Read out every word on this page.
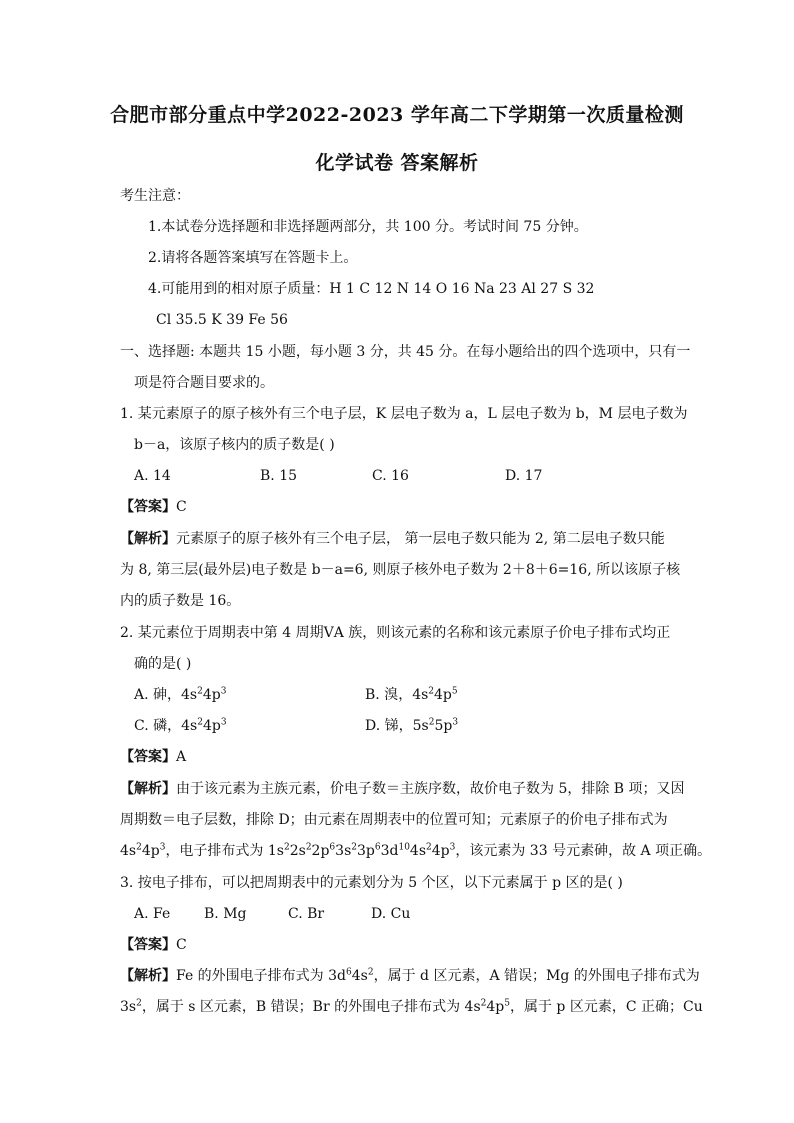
合肥市部分重点中学2022-2023 学年高二下学期第一次质量检测
化学试卷 答案解析
考生注意：
1.本试卷分选择题和非选择题两部分，共 100 分。考试时间 75 分钟。
2.请将各题答案填写在答题卡上。
4.可能用到的相对原子质量：H 1 C 12 N 14 O 16 Na 23 Al 27 S 32
Cl 35.5 K 39 Fe 56
一、选择题: 本题共 15 小题，每小题 3 分，共 45 分。在每小题给出的四个选项中，只有一
项是符合题目要求的。
1. 某元素原子的原子核外有三个电子层，K 层电子数为 a，L 层电子数为 b，M 层电子数为
b－a，该原子核内的质子数是( )
A. 14	B. 15	C. 16	D. 17
【答案】C
【解析】元素原子的原子核外有三个电子层， 第一层电子数只能为 2, 第二层电子数只能
为 8, 第三层(最外层)电子数是 b－a=6, 则原子核外电子数为 2＋8＋6=16, 所以该原子核
内的质子数是 16。
2. 某元素位于周期表中第 4 周期ⅤA 族，则该元素的名称和该元素原子价电子排布式均正
确的是( )
A. 砷，$4s^24p^3$	B. 溴，$4s^24p^5$
C. 磷，$4s^24p^3$	D. 锑，$5s^25p^3$
【答案】A
【解析】由于该元素为主族元素，价电子数＝主族序数，故价电子数为 5，排除 B 项；又因
周期数＝电子层数，排除 D；由元素在周期表中的位置可知；元素原子的价电子排布式为
$4s^24p^3$，电子排布式为 $1s^22s^22p^63s^23p^63d^{10}4s^24p^3$，该元素为 33 号元素砷，故 A 项正确。
3. 按电子排布，可以把周期表中的元素划分为 5 个区，以下元素属于 p 区的是( )
A. Fe B. Mg	C. Br	D. Cu
【答案】C
【解析】Fe 的外围电子排布式为 $3d^64s^2$，属于 d 区元素，A 错误；Mg 的外围电子排布式为
$3s^2$，属于 s 区元素，B 错误；Br 的外围电子排布式为 $4s^24p^5$，属于 p 区元素，C 正确；Cu
